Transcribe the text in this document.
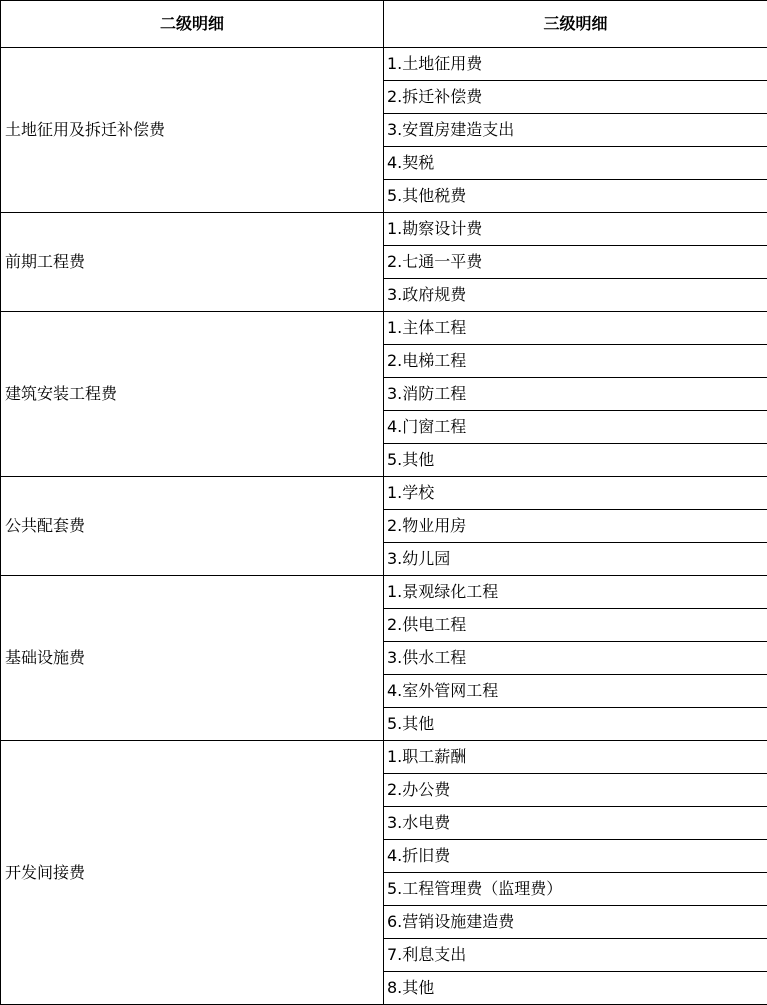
二级明细	三级明细
土地征用及拆迁补偿费	1.土地征用费
	2.拆迁补偿费
	3.安置房建造支出
	4.契税
	5.其他税费
前期工程费	1.勘察设计费
	2.七通一平费
	3.政府规费
建筑安装工程费	1.主体工程
	2.电梯工程
	3.消防工程
	4.门窗工程
	5.其他
公共配套费	1.学校
	2.物业用房
	3.幼儿园
基础设施费	1.景观绿化工程
	2.供电工程
	3.供水工程
	4.室外管网工程
	5.其他
开发间接费	1.职工薪酬
	2.办公费
	3.水电费
	4.折旧费
	5.工程管理费（监理费）
	6.营销设施建造费
	7.利息支出
	8.其他
